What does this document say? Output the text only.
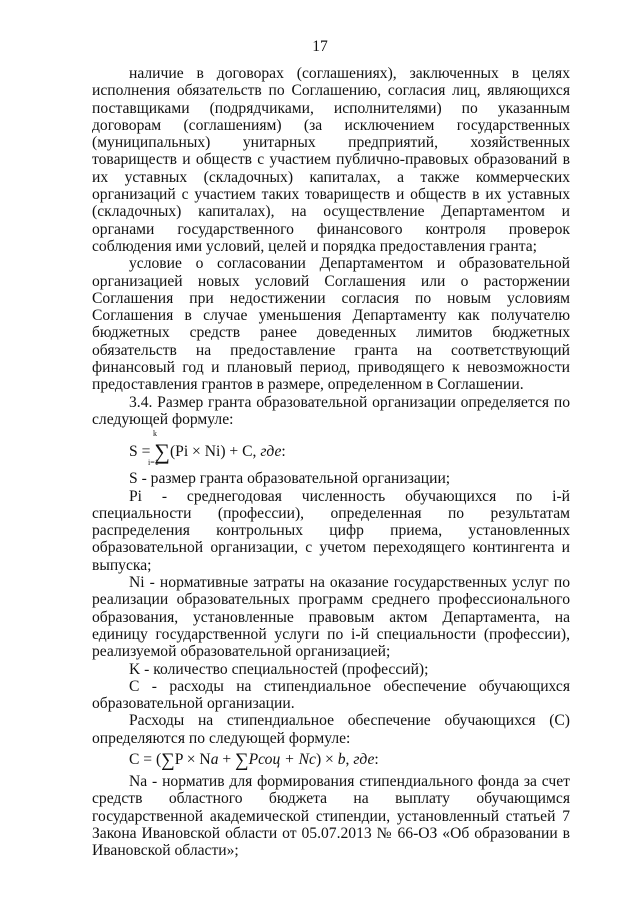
17

наличие в договорах (соглашениях), заключенных в целях исполнения обязательств по Соглашению, согласия лиц, являющихся поставщиками (подрядчиками, исполнителями) по указанным договорам (соглашениям) (за исключением государственных (муниципальных) унитарных предприятий, хозяйственных товариществ и обществ с участием публично-правовых образований в их уставных (складочных) капиталах, а также коммерческих организаций с участием таких товариществ и обществ в их уставных (складочных) капиталах), на осуществление Департаментом и органами государственного финансового контроля проверок соблюдения ими условий, целей и порядка предоставления гранта;

условие о согласовании Департаментом и образовательной организацией новых условий Соглашения или о расторжении Соглашения при недостижении согласия по новым условиям Соглашения в случае уменьшения Департаменту как получателю бюджетных средств ранее доведенных лимитов бюджетных обязательств на предоставление гранта на соответствующий финансовый год и плановый период, приводящего к невозможности предоставления грантов в размере, определенном в Соглашении.

3.4. Размер гранта образовательной организации определяется по следующей формуле:

k
i=1
S = ∑(Pi × Ni) + C, где:

S - размер гранта образовательной организации;

Pi - среднегодовая численность обучающихся по i-й специальности (профессии), определенная по результатам распределения контрольных цифр приема, установленных образовательной организации, с учетом переходящего контингента и выпуска;

Ni - нормативные затраты на оказание государственных услуг по реализации образовательных программ среднего профессионального образования, установленные правовым актом Департамента, на единицу государственной услуги по i-й специальности (профессии), реализуемой образовательной организацией;

K - количество специальностей (профессий);

C - расходы на стипендиальное обеспечение обучающихся образовательной организации.

Расходы на стипендиальное обеспечение обучающихся (С) определяются по следующей формуле:

C = (∑P × Na + ∑Pсоц + Nc) × b, где:

Na - норматив для формирования стипендиального фонда за счет средств областного бюджета на выплату обучающимся государственной академической стипендии, установленный статьей 7 Закона Ивановской области от 05.07.2013 № 66-ОЗ «Об образовании в Ивановской области»;
